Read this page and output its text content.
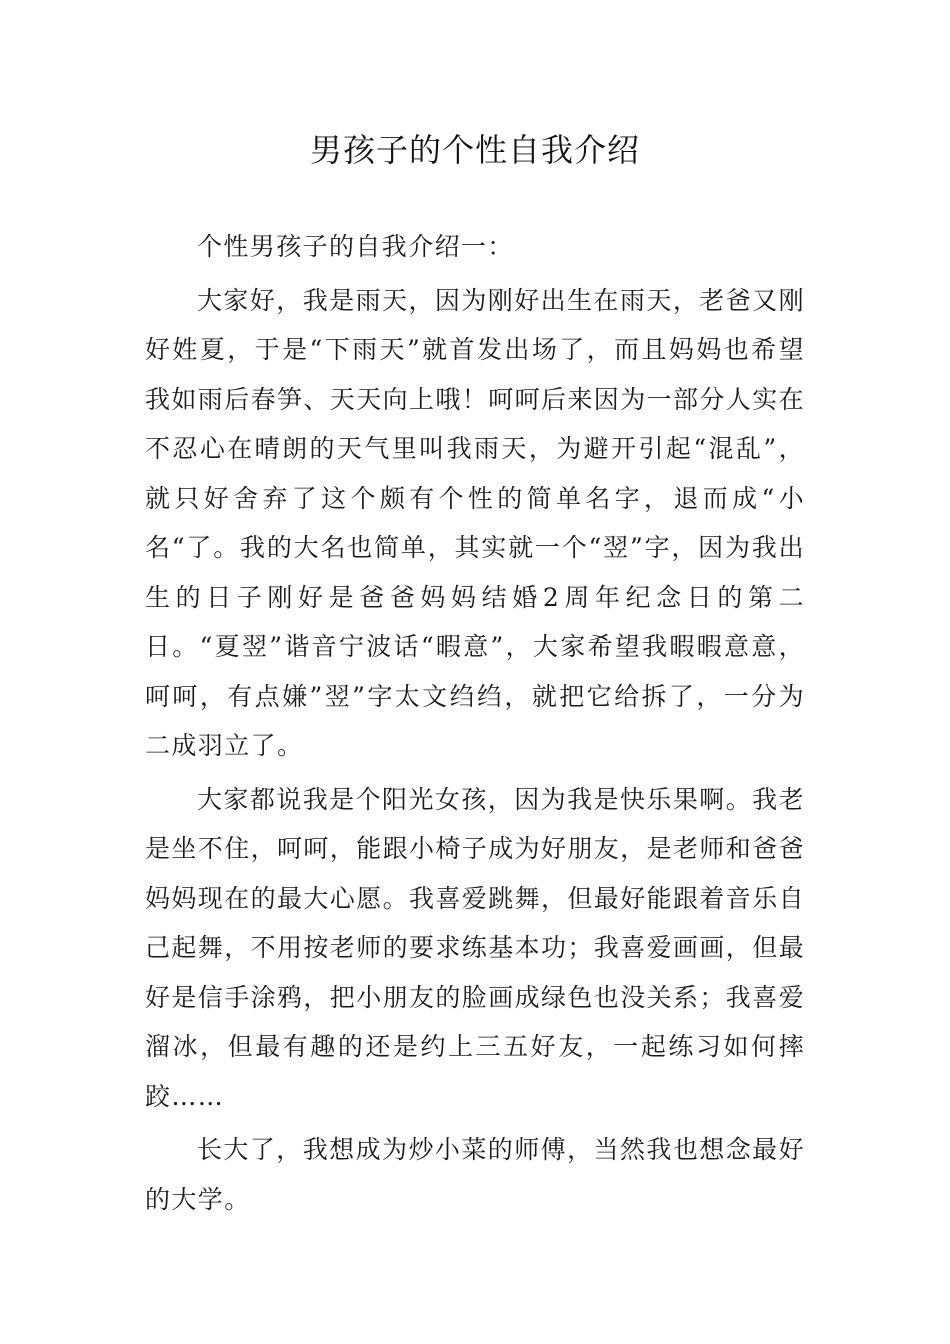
男孩子的个性自我介绍

个性男孩子的自我介绍一：

大家好，我是雨天，因为刚好出生在雨天，老爸又刚好姓夏，于是“下雨天”就首发出场了，而且妈妈也希望我如雨后春笋、天天向上哦！呵呵后来因为一部分人实在不忍心在晴朗的天气里叫我雨天，为避开引起“混乱”，就只好舍弃了这个颇有个性的简单名字，退而成“小名“了。我的大名也简单，其实就一个“翌”字，因为我出生的日子刚好是爸爸妈妈结婚2周年纪念日的第二日。“夏翌”谐音宁波话“暇意”，大家希望我暇暇意意，呵呵，有点嫌”翌”字太文绉绉，就把它给拆了，一分为二成羽立了。

大家都说我是个阳光女孩，因为我是快乐果啊。我老是坐不住，呵呵，能跟小椅子成为好朋友，是老师和爸爸妈妈现在的最大心愿。我喜爱跳舞，但最好能跟着音乐自己起舞，不用按老师的要求练基本功；我喜爱画画，但最好是信手涂鸦，把小朋友的脸画成绿色也没关系；我喜爱溜冰，但最有趣的还是约上三五好友，一起练习如何摔跤……

长大了，我想成为炒小菜的师傅，当然我也想念最好的大学。
